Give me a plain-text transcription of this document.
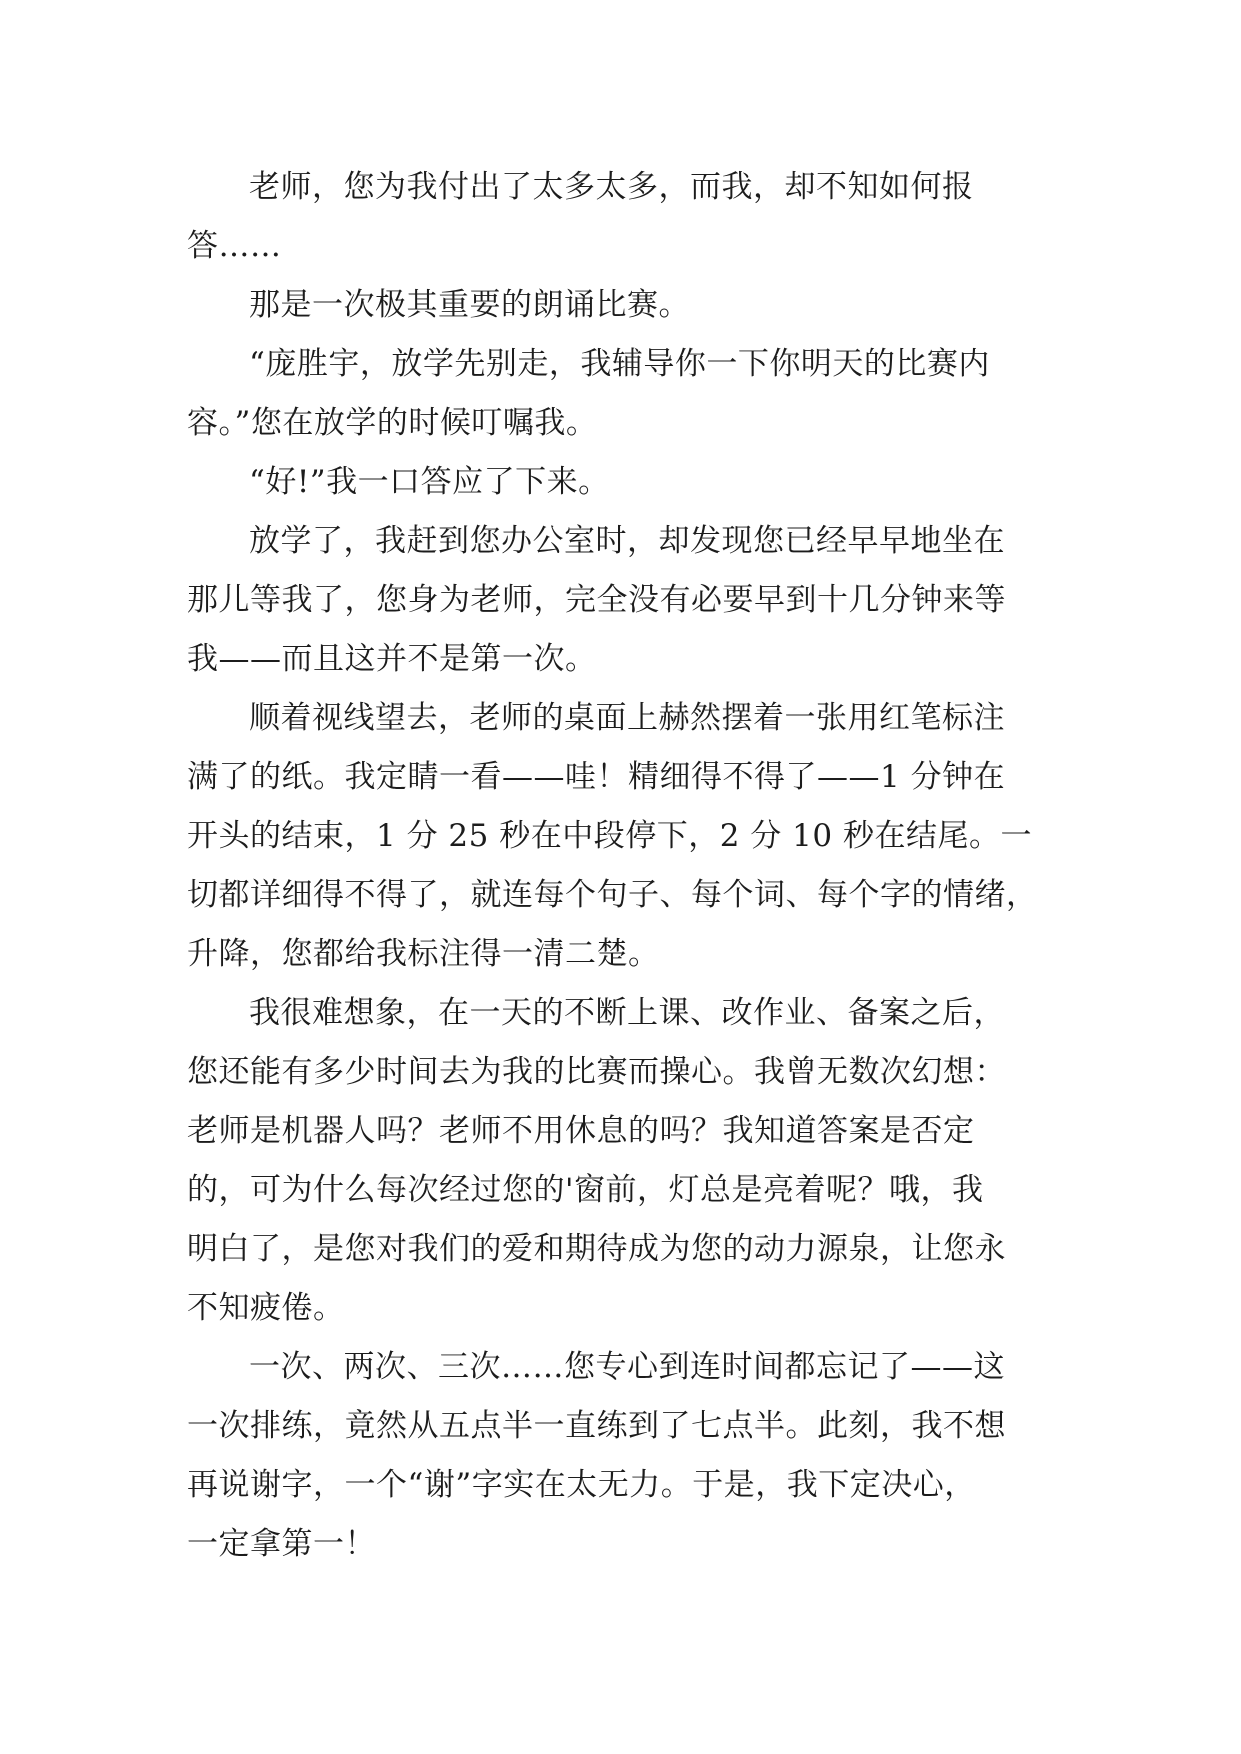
老师，您为我付出了太多太多，而我，却不知如何报
答……

那是一次极其重要的朗诵比赛。

“庞胜宇，放学先别走，我辅导你一下你明天的比赛内
容。”您在放学的时候叮嘱我。

“好!”我一口答应了下来。

放学了，我赶到您办公室时，却发现您已经早早地坐在
那儿等我了，您身为老师，完全没有必要早到十几分钟来等
我——而且这并不是第一次。

顺着视线望去，老师的桌面上赫然摆着一张用红笔标注
满了的纸。我定睛一看——哇！精细得不得了——1 分钟在
开头的结束，1 分 25 秒在中段停下，2 分 10 秒在结尾。一
切都详细得不得了，就连每个句子、每个词、每个字的情绪，
升降，您都给我标注得一清二楚。

我很难想象，在一天的不断上课、改作业、备案之后，
您还能有多少时间去为我的比赛而操心。我曾无数次幻想：
老师是机器人吗？老师不用休息的吗？我知道答案是否定
的，可为什么每次经过您的'窗前，灯总是亮着呢？哦，我
明白了，是您对我们的爱和期待成为您的动力源泉，让您永
不知疲倦。

一次、两次、三次……您专心到连时间都忘记了——这
一次排练，竟然从五点半一直练到了七点半。此刻，我不想
再说谢字，一个“谢”字实在太无力。于是，我下定决心，
一定拿第一！
